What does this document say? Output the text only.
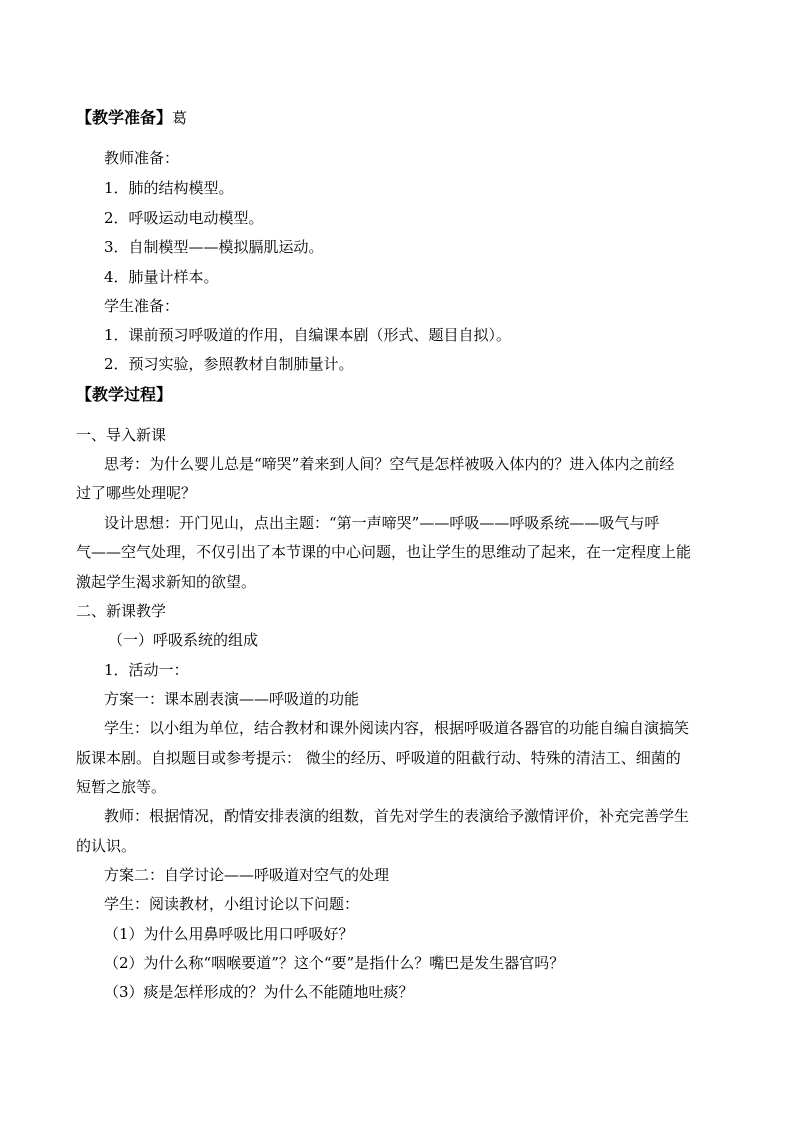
【教学准备】葛
教师准备：
1．肺的结构模型。
2．呼吸运动电动模型。
3．自制模型——模拟膈肌运动。
4．肺量计样本。
学生准备：
1．课前预习呼吸道的作用，自编课本剧（形式、题目自拟）。
2．预习实验，参照教材自制肺量计。
【教学过程】
一、导入新课
思考：为什么婴儿总是“啼哭”着来到人间？空气是怎样被吸入体内的？进入体内之前经
过了哪些处理呢？
设计思想：开门见山，点出主题：“第一声啼哭”——呼吸——呼吸系统——吸气与呼
气——空气处理，不仅引出了本节课的中心问题，也让学生的思维动了起来，在一定程度上能
激起学生渴求新知的欲望。
二、新课教学
（一）呼吸系统的组成
1．活动一：
方案一：课本剧表演——呼吸道的功能
学生：以小组为单位，结合教材和课外阅读内容，根据呼吸道各器官的功能自编自演搞笑
版课本剧。自拟题目或参考提示： 微尘的经历、呼吸道的阻截行动、特殊的清洁工、细菌的
短暂之旅等。
教师：根据情况，酌情安排表演的组数，首先对学生的表演给予激情评价，补充完善学生
的认识。
方案二：自学讨论——呼吸道对空气的处理
学生：阅读教材，小组讨论以下问题：
（1）为什么用鼻呼吸比用口呼吸好？
（2）为什么称“咽喉要道”？这个“要”是指什么？嘴巴是发生器官吗？
（3）痰是怎样形成的？为什么不能随地吐痰？
